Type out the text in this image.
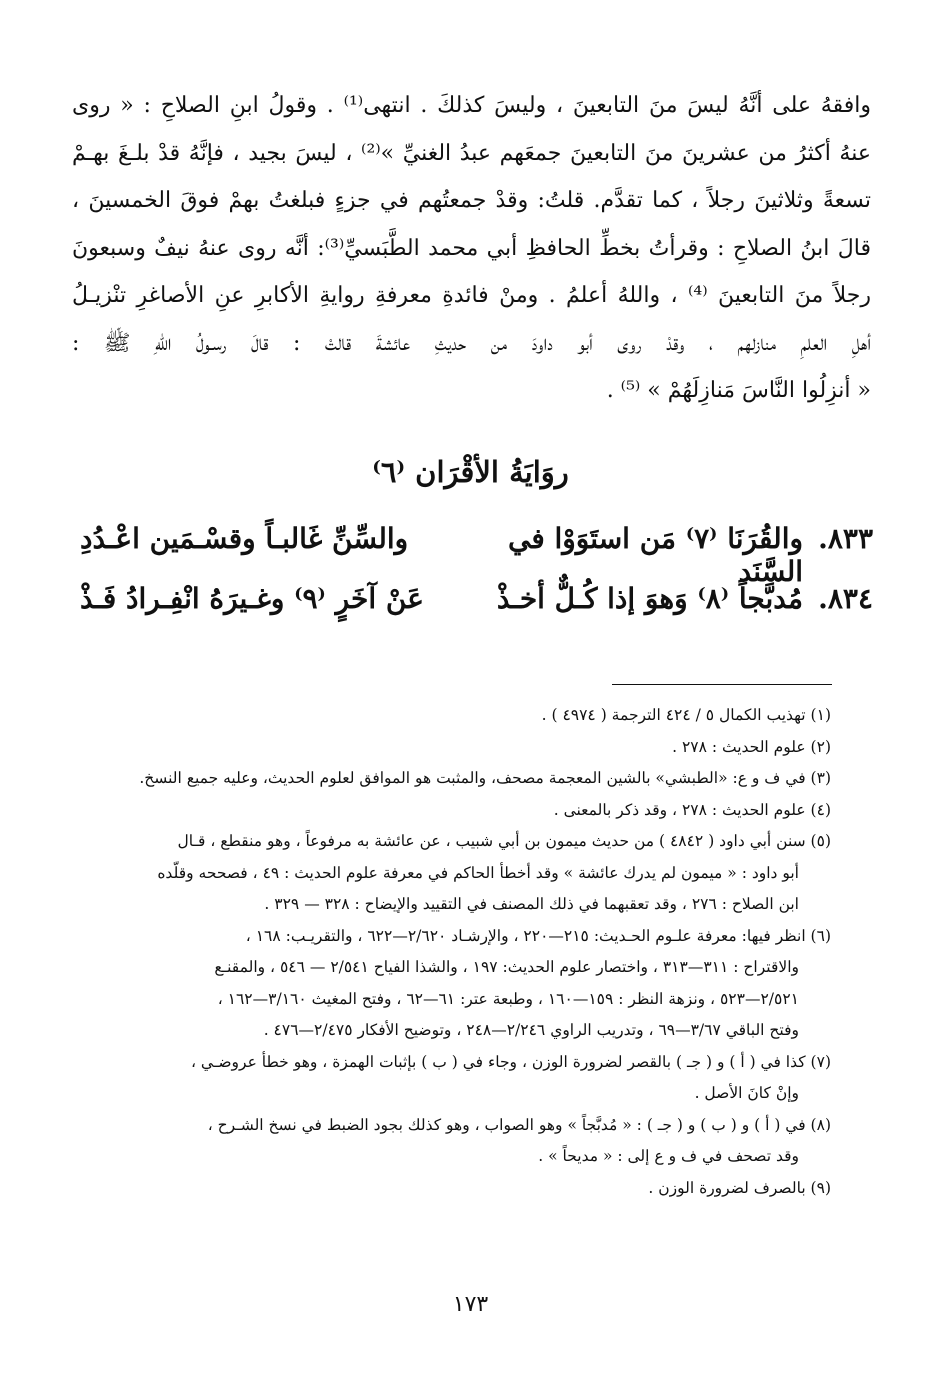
وافقهُ على أنَّهُ ليسَ منَ التابعينَ ، وليسَ كذلكَ . انتهى⁽¹⁾ . وقولُ ابنِ الصلاحِ : « روى
عنهُ أكثرُ من عشرينَ منَ التابعينَ جمعَهم عبدُ الغنيِّ »⁽²⁾ ، ليسَ بجيد ، فإنَّهُ قدْ بلـغَ بهـمْ
تسعةً وثلاثينَ رجلاً ، كما تقدَّم. قلتُ: وقدْ جمعتُهم في جزءٍ فبلغتُ بهمْ فوقَ الخمسينَ ،
قالَ ابنُ الصلاحِ : وقرأتُ بخطِّ الحافظِ أبي محمد الطَّبَسيِّ⁽³⁾: أنَّه روى عنهُ نيفٌ وسبعونَ
رجلاً منَ التابعينَ ⁽⁴⁾ ، واللهُ أعلمُ . ومنْ فائدةِ معرفةِ روايةِ الأكابرِ عنِ الأصاغرِ تنْزيـلُ
أهلِ العلمِ منازلهم ، وقدْ روى أبو داودَ من حديثِ عائشةَ قالتْ : قالَ رسـولُ اللهِ ﷺ :
« أنزِلُوا النَّاسَ مَنازِلَهُمْ » ⁽⁵⁾ .
روَايَةُ الأقْرَان ⁽٦⁾
٨٣٣.
والقُرَنَا ⁽٧⁾ مَن استَوَوْا في السَّنَد
والسِّنِّ غَالبـاً وقسْـمَين اعْـدُدِ
٨٣٤.
مُدبَّجاً ⁽٨⁾ وَهوَ إذا كُـلٌّ أخـذْ
عَنْ آخَرٍ ⁽٩⁾ وغـيرَهُ انْفِـرادُ فَـذْ
(١) تهذيب الكمال ٥ / ٤٢٤ الترجمة ( ٤٩٧٤ ) .
(٢) علوم الحديث : ٢٧٨ .
(٣) في ف و ع: «الطبشي» بالشين المعجمة مصحف، والمثبت هو الموافق لعلوم الحديث، وعليه جميع النسخ.
(٤) علوم الحديث : ٢٧٨ ، وقد ذكر بالمعنى .
(٥) سنن أبي داود ( ٤٨٤٢ ) من حديث ميمون بن أبي شبيب ، عن عائشة به مرفوعاً ، وهو منقطع ، قـال
أبو داود : « ميمون لم يدرك عائشة » وقد أخطأ الحاكم في معرفة علوم الحديث : ٤٩ ، فصححه وقلّده
ابن الصلاح : ٢٧٦ ، وقد تعقبهما في ذلك المصنف في التقييد والإيضاح : ٣٢٨ — ٣٢٩ .
(٦) انظر فيها: معرفة علـوم الحـديث: ٢١٥—٢٢٠ ، والإرشـاد ٢/٦٢٠—٦٢٢ ، والتقريـب: ١٦٨ ،
والاقتراح : ٣١١—٣١٣ ، واختصار علوم الحديث: ١٩٧ ، والشذا الفياح ٢/٥٤١ — ٥٤٦ ، والمقنـع
٢/٥٢١—٥٢٣ ، ونزهة النظر : ١٥٩—١٦٠ ، وطبعة عتر: ٦١—٦٢ ، وفتح المغيث ٣/١٦٠—١٦٢ ،
وفتح الباقي ٣/٦٧—٦٩ ، وتدريب الراوي ٢/٢٤٦—٢٤٨ ، وتوضيح الأفكار ٢/٤٧٥—٤٧٦ .
(٧) كذا في ( أ ) و ( جـ ) بالقصر لضرورة الوزن ، وجاء في ( ب ) بإثبات الهمزة ، وهو خطأ عروضـي ،
وإنْ كانَ الأصل .
(٨) في ( أ ) و ( ب ) و ( جـ ) : « مُدبَّجاً » وهو الصواب ، وهو كذلك بجود الضبط في نسخ الشـرح ،
وقد تصحف في ف و ع إلى : « مديحاً » .
(٩) بالصرف لضرورة الوزن .
١٧٣
